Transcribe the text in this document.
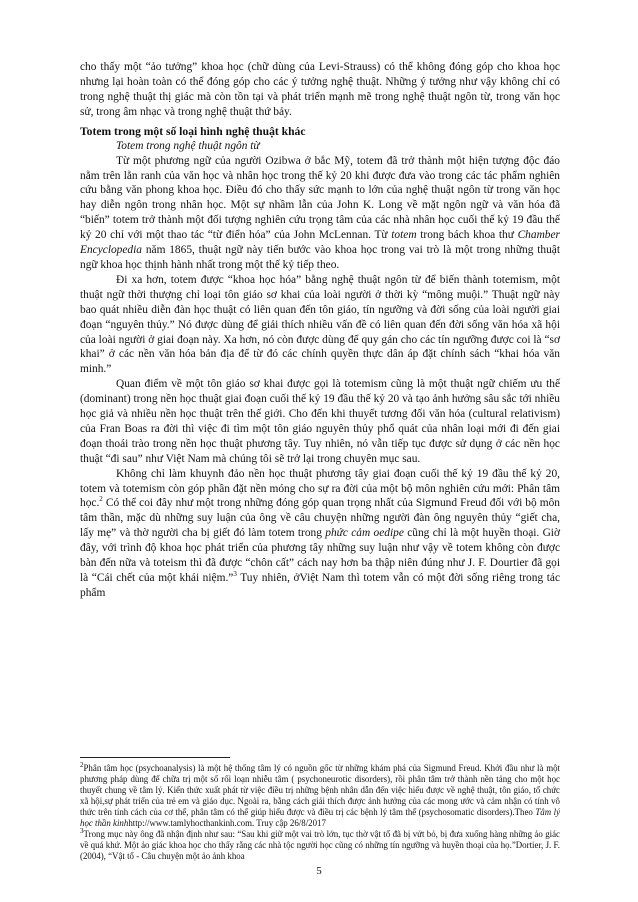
cho thấy một “ảo tưởng” khoa học (chữ dùng của Levi-Strauss) có thể không đóng góp cho khoa học nhưng lại hoàn toàn có thể đóng góp cho các ý tưởng nghệ thuật. Những ý tưởng như vậy không chỉ có trong nghệ thuật thị giác mà còn tồn tại và phát triển mạnh mẽ trong nghệ thuật ngôn từ, trong văn học sử, trong âm nhạc và trong nghệ thuật thứ bảy.

Totem trong một số loại hình nghệ thuật khác

Totem trong nghệ thuật ngôn từ

Từ một phương ngữ của người Ozibwa ở bắc Mỹ, totem đã trở thành một hiện tượng độc đáo nằm trên lằn ranh của văn học và nhân học trong thế kỷ 20 khi được đưa vào trong các tác phẩm nghiên cứu bằng văn phong khoa học. Điều đó cho thấy sức mạnh to lớn của nghệ thuật ngôn từ trong văn học hay diễn ngôn trong nhân học. Một sự nhầm lẫn của John K. Long về mặt ngôn ngữ và văn hóa đã “biến” totem trở thành một đối tượng nghiên cứu trọng tâm của các nhà nhân học cuối thế kỷ 19 đầu thế kỷ 20 chỉ với một thao tác “từ điển hóa” của John McLennan. Từ totem trong bách khoa thư Chamber Encyclopedia năm 1865, thuật ngữ này tiến bước vào khoa học trong vai trò là một trong những thuật ngữ khoa học thịnh hành nhất trong một thế kỷ tiếp theo.

Đi xa hơn, totem được “khoa học hóa” bằng nghệ thuật ngôn từ để biến thành totemism, một thuật ngữ thời thượng chỉ loại tôn giáo sơ khai của loài người ở thời kỳ “mông muội.” Thuật ngữ này bao quát nhiều diễn đàn học thuật có liên quan đến tôn giáo, tín ngưỡng và đời sống của loài người giai đoạn “nguyên thủy.” Nó được dùng để giải thích nhiều vấn đề có liên quan đến đời sống văn hóa xã hội của loài người ở giai đoạn này. Xa hơn, nó còn được dùng để quy gán cho các tín ngưỡng được coi là “sơ khai” ở các nền văn hóa bản địa để từ đó các chính quyền thực dân áp đặt chính sách “khai hóa văn minh.”

Quan điểm về một tôn giáo sơ khai được gọi là totemism cũng là một thuật ngữ chiếm ưu thế (dominant) trong nền học thuật giai đoạn cuối thế kỷ 19 đầu thế kỷ 20 và tạo ảnh hưởng sâu sắc tới nhiều học giả và nhiều nền học thuật trên thế giới. Cho đến khi thuyết tương đối văn hóa (cultural relativism) của Fran Boas ra đời thì việc đi tìm một tôn giáo nguyên thủy phổ quát của nhân loại mới đi đến giai đoạn thoái trào trong nền học thuật phương tây. Tuy nhiên, nó vẫn tiếp tục được sử dụng ở các nền học thuật “đi sau” như Việt Nam mà chúng tôi sẽ trở lại trong chuyên mục sau.

Không chỉ làm khuynh đảo nền học thuật phương tây giai đoạn cuối thế kỷ 19 đầu thế kỷ 20, totem và totemism còn góp phần đặt nền móng cho sự ra đời của một bộ môn nghiên cứu mới: Phân tâm học.$^2$ Có thể coi đây như một trong những đóng góp quan trọng nhất của Sigmund Freud đối với bộ môn tâm thần, mặc dù những suy luận của ông về câu chuyện những người đàn ông nguyên thủy “giết cha, lấy mẹ” và thờ người cha bị giết đó làm totem trong phức cảm oedipe cũng chỉ là một huyền thoại. Giờ đây, với trình độ khoa học phát triển của phương tây những suy luận như vậy về totem không còn được bàn đến nữa và toteism thì đã được “chôn cất” cách nay hơn ba thập niên đúng như J. F. Dourtier đã gọi là “Cái chết của một khái niệm.”$^3$ Tuy nhiên, ởViệt Nam thì totem vẫn có một đời sống riêng trong tác phẩm

$^2$Phân tâm học (psychoanalysis) là một hệ thống tâm lý có nguồn gốc từ những khám phá của Sigmund Freud. Khởi đầu như là một phương pháp dùng để chữa trị một số rối loạn nhiễu tâm ( psychoneurotic disorders), rồi phân tâm trở thành nền tảng cho một học thuyết chung về tâm lý. Kiến thức xuất phát từ việc điều trị những bệnh nhân dẫn đến việc hiểu được về nghệ thuật, tôn giáo, tổ chức xã hội,sự phát triển của trẻ em và giáo dục. Ngoài ra, bằng cách giải thích được ảnh hưởng của các mong ước và cảm nhận có tính vô thức trên tính cách của cơ thể, phân tâm có thể giúp hiểu được và điều trị các bệnh lý tâm thể (psychosomatic disorders).Theo Tâm lý học thần kinhhttp://www.tamlyhocthankinh.com. Truy cập 26/8/2017

$^3$Trong mục này ông đã nhận định như sau: “Sau khi giữ một vai trò lớn, tục thờ vật tổ đã bị vứt bỏ, bị đưa xuống hàng những ảo giác về quá khứ. Một ảo giác khoa học cho thấy rằng các nhà tộc người học cũng có những tín ngưỡng và huyền thoại của họ.”Dortier, J. F. (2004), “Vật tổ - Câu chuyện một ảo ảnh khoa

5
